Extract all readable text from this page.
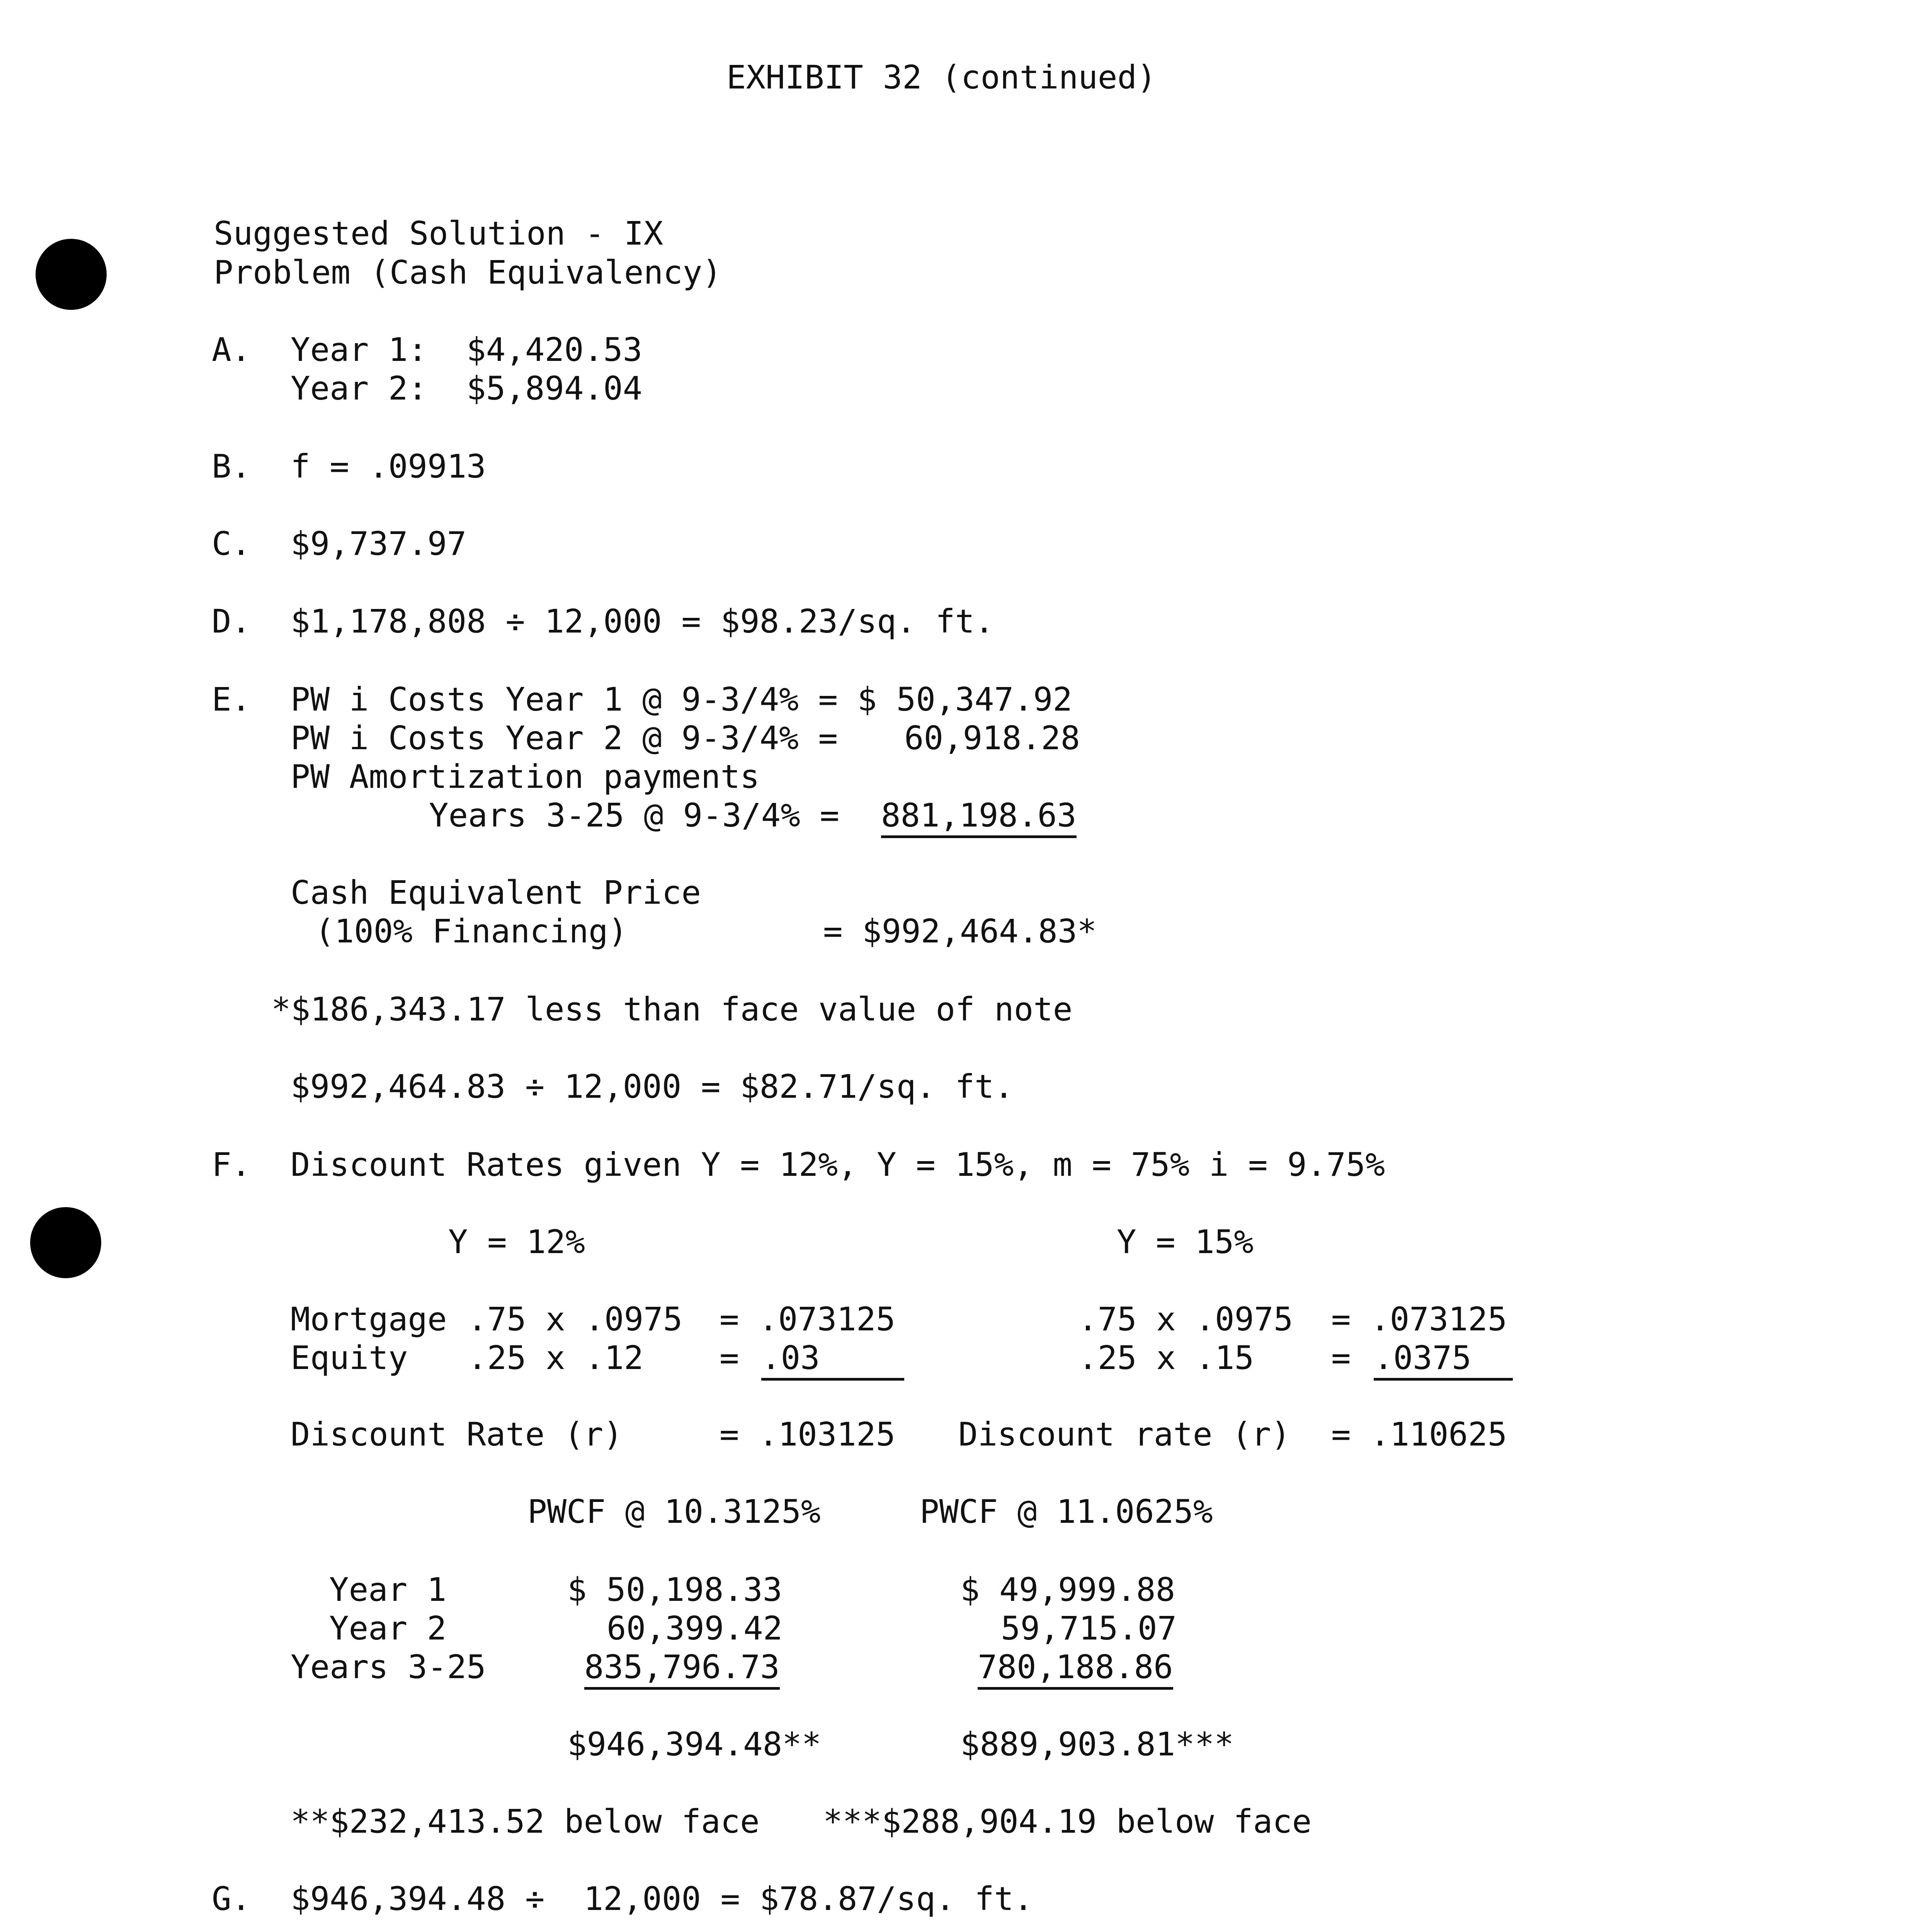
EXHIBIT 32 (continued)
Suggested Solution - IX
Problem (Cash Equivalency)
A. Year 1:  $4,420.53
Year 2:  $5,894.04
B. f = .09913
C. $9,737.97
D. $1,178,808 ÷ 12,000 = $98.23/sq. ft.
E. PW i Costs Year 1 @ 9-3/4% = $ 50,347.92
PW i Costs Year 2 @ 9-3/4% = 60,918.28
PW Amortization payments
Years 3-25 @ 9-3/4% = 881,198.63
Cash Equivalent Price
(100% Financing)	= $992,464.83*
*$186,343.17 less than face value of note
$992,464.83 ÷ 12,000 = $82.71/sq. ft.
F. Discount Rates given Y = 12%, Y = 15%, m = 75% i = 9.75%
Y = 12%	Y = 15%
Mortgage .75 x .0975 = .073125	.75 x .0975 = .073125
Equity .25 x .12 = .03	.25 x .15 = .0375
Discount Rate (r)	= .103125 Discount rate (r) = .110625
PWCF @ 10.3125%	PWCF @ 11.0625%
Year 1	$ 50,198.33	$ 49,999.88
Year 2	60,399.42	59,715.07
Years 3-25	835,796.73	780,188.86
$946,394.48**	$889,903.81***
**$232,413.52 below face ***$288,904.19 below face
G. $946,394.48 ÷  12,000 = $78.87/sq. ft.
